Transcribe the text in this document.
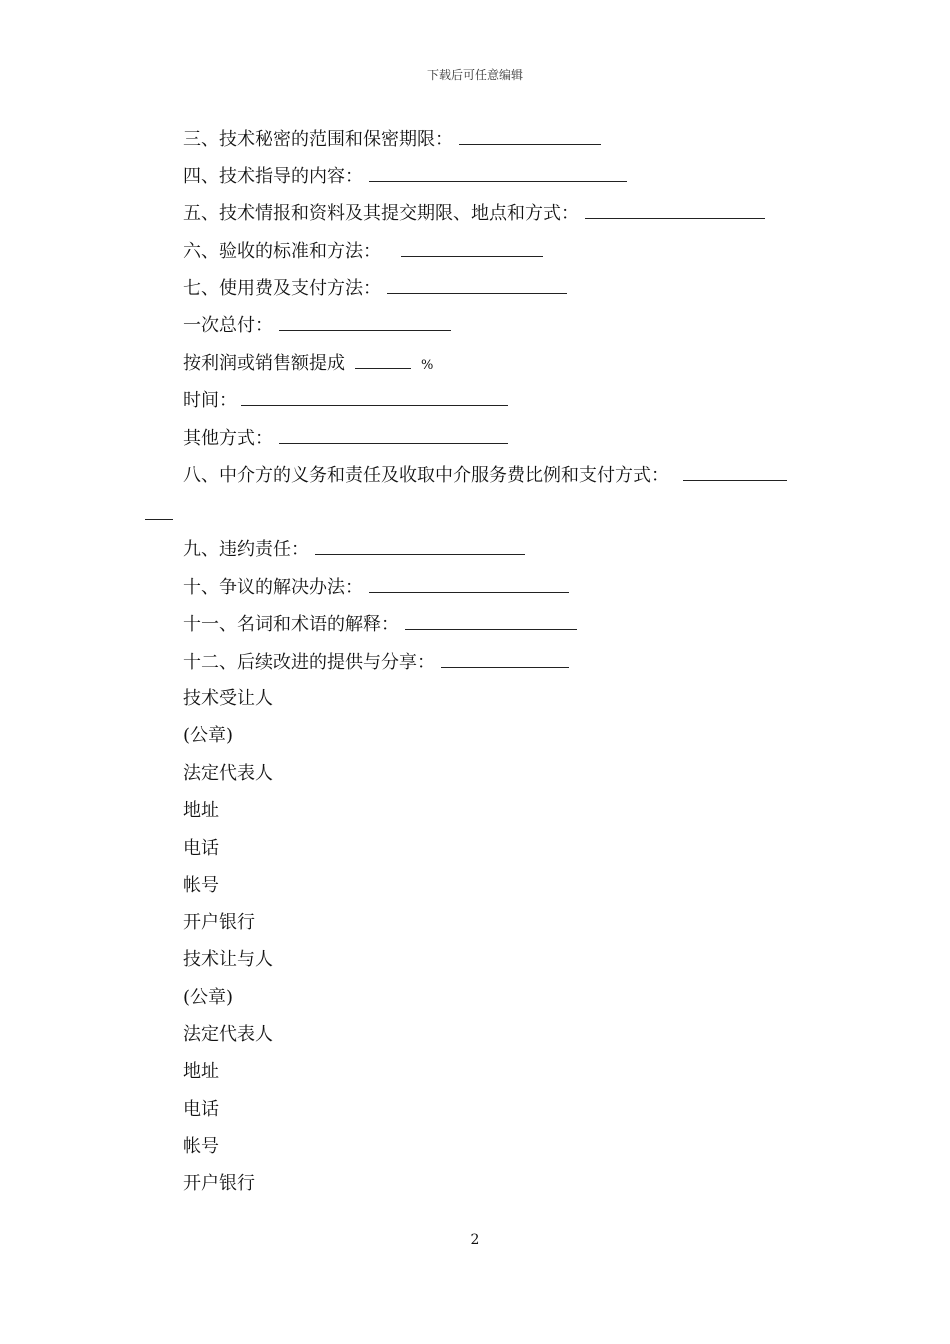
下载后可任意编辑
三、技术秘密的范围和保密期限：
四、技术指导的内容：
五、技术情报和资料及其提交期限、地点和方式：
六、验收的标准和方法：
七、使用费及支付方法：
一次总付：
按利润或销售额提成	%
时间：
其他方式：
八、中介方的义务和责任及收取中介服务费比例和支付方式：
九、违约责任：
十、争议的解决办法：
十一、名词和术语的解释：
十二、后续改进的提供与分享：
技术受让人
(公章)
法定代表人
地址
电话
帐号
开户银行
技术让与人
(公章)
法定代表人
地址
电话
帐号
开户银行
2
